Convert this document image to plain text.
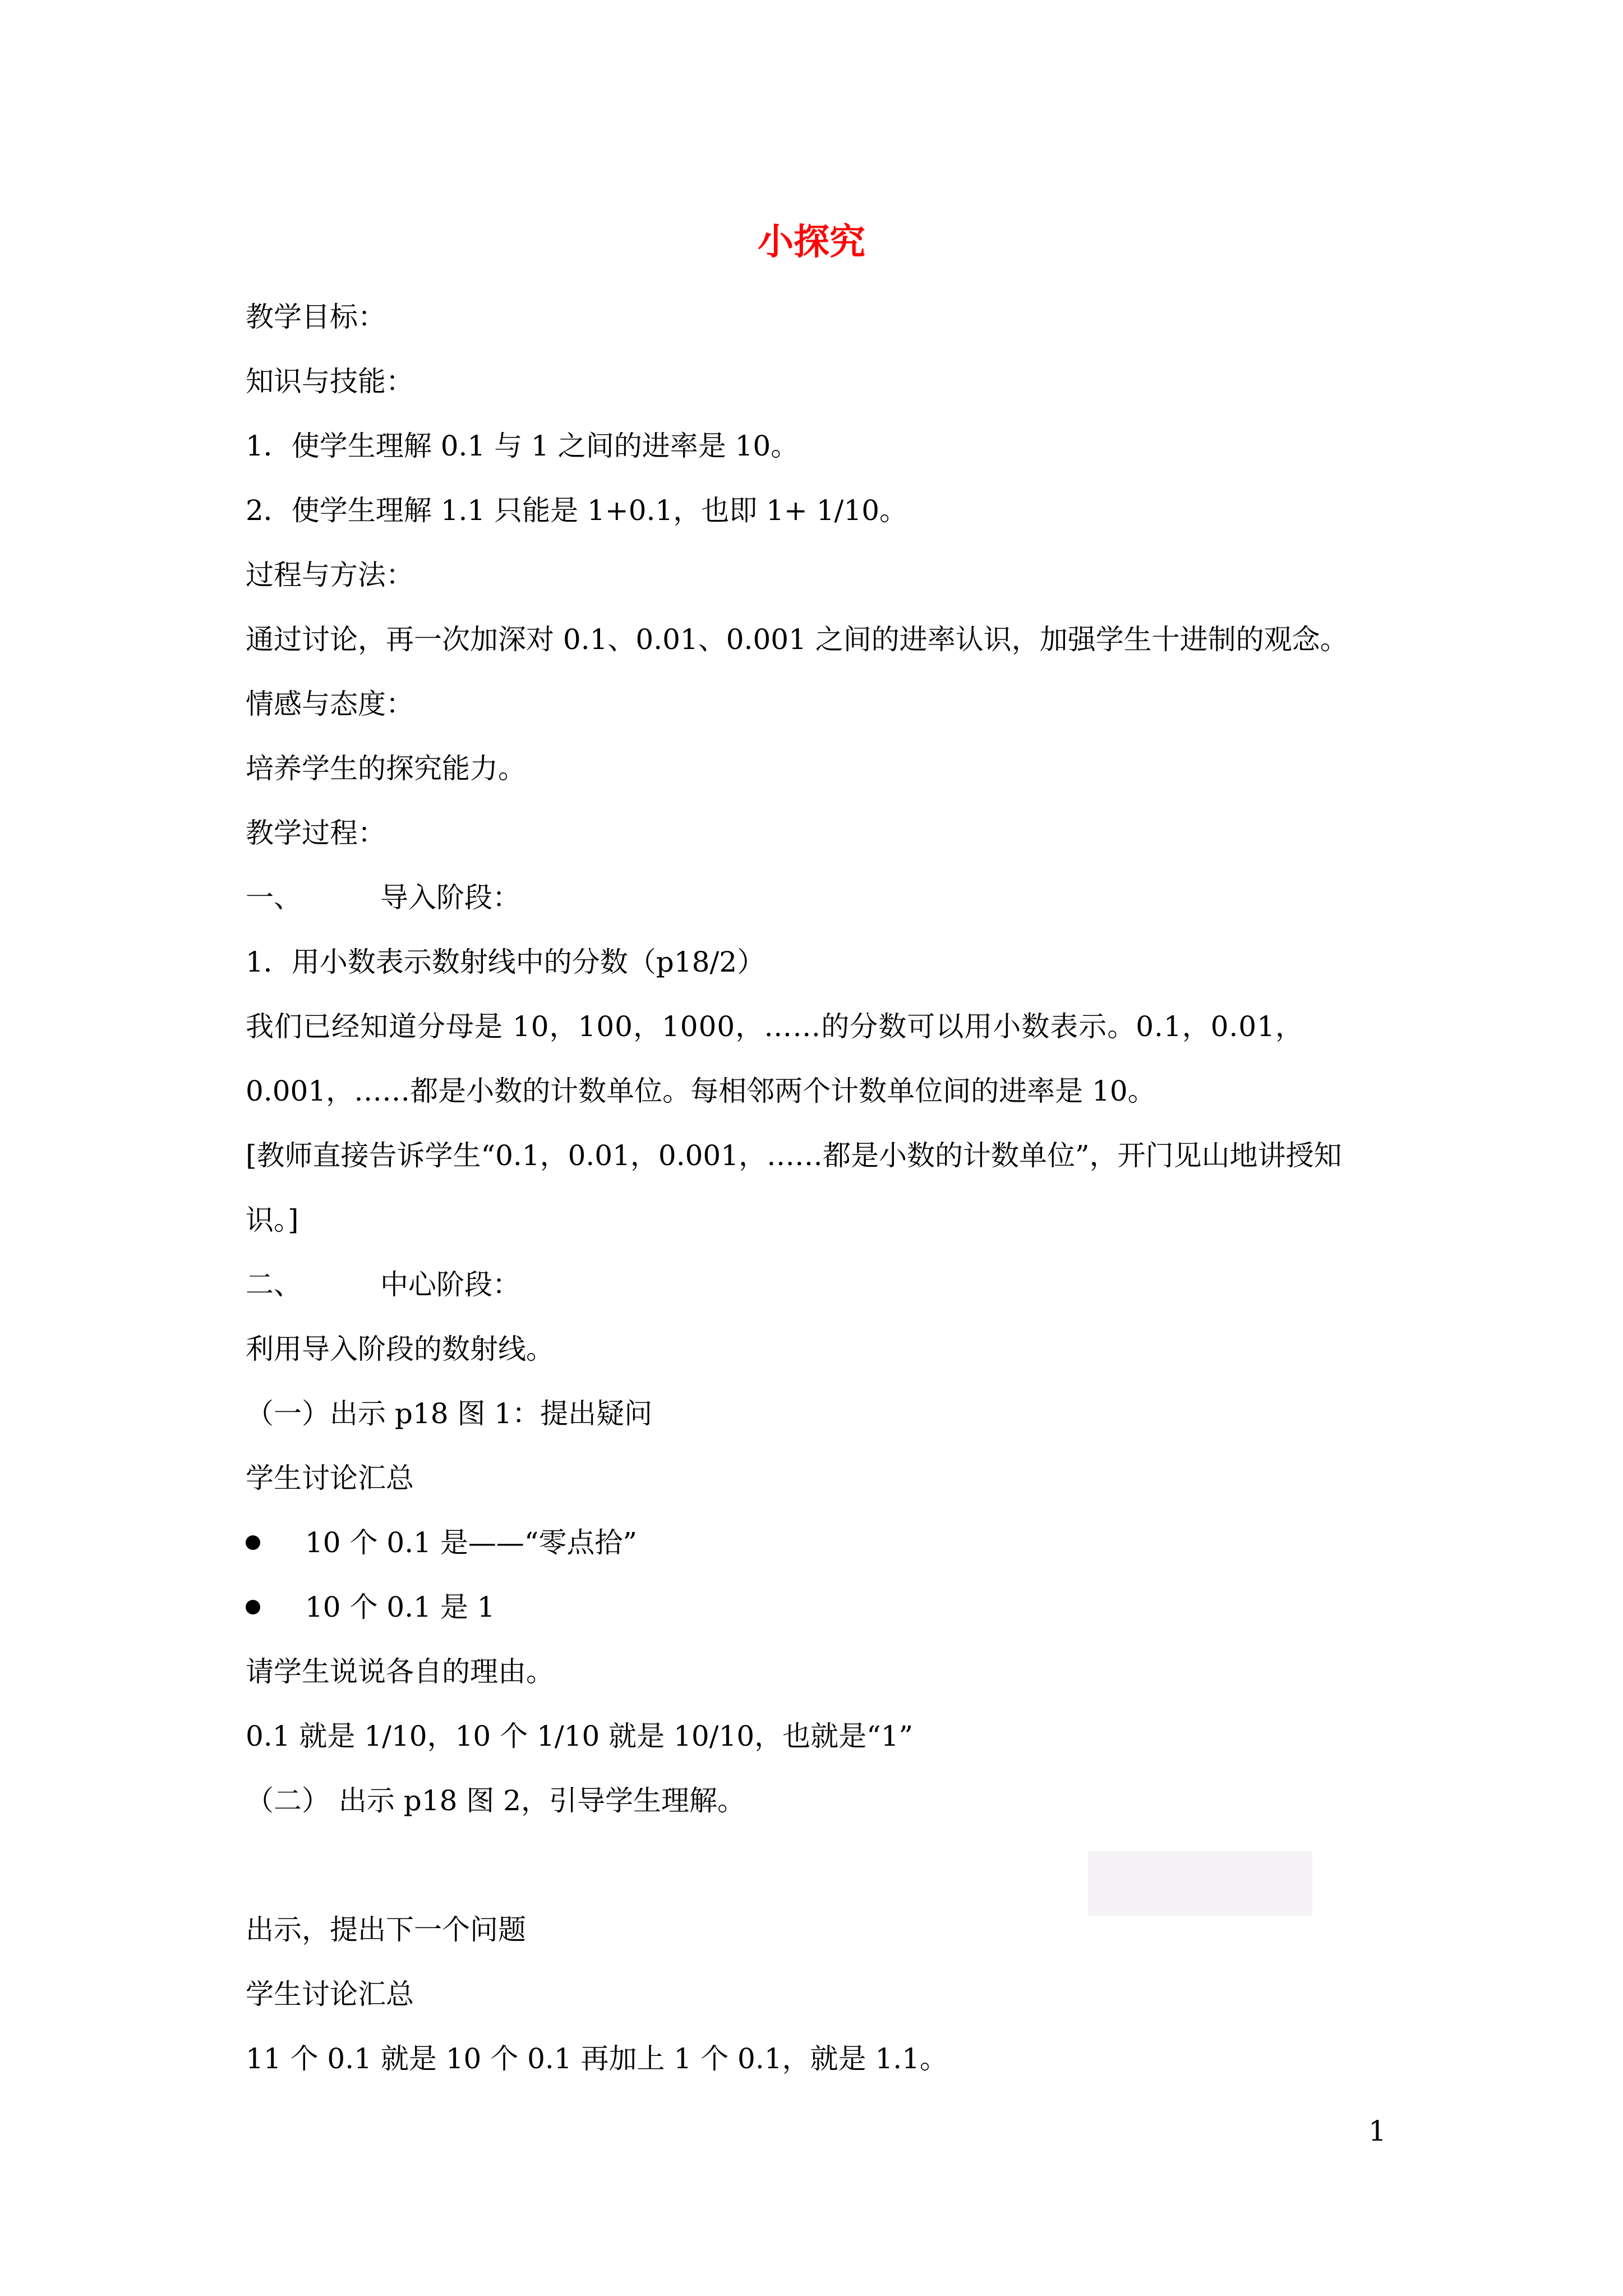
小探究
教学目标：
知识与技能：
1．使学生理解 0.1 与 1 之间的进率是 10。
2．使学生理解 1.1 只能是 1+0.1，也即 1+ 1/10。
过程与方法：
通过讨论，再一次加深对 0.1、0.01、0.001 之间的进率认识，加强学生十进制的观念。
情感与态度：
培养学生的探究能力。
教学过程：
一、	导入阶段：
1．用小数表示数射线中的分数（p18/2）
我们已经知道分母是 10，100，1000，……的分数可以用小数表示。0.1，0.01，
0.001，……都是小数的计数单位。每相邻两个计数单位间的进率是 10。
[教师直接告诉学生“0.1，0.01，0.001，……都是小数的计数单位”，开门见山地讲授知
识。]
二、	中心阶段：
利用导入阶段的数射线。
（一）出示 p18 图 1：提出疑问
学生讨论汇总
10 个 0.1 是——“零点拾”
10 个 0.1 是 1
请学生说说各自的理由。
0.1 就是 1/10，10 个 1/10 就是 10/10，也就是“1”
（二） 出示 p18 图 2，引导学生理解。
出示，提出下一个问题
学生讨论汇总
11 个 0.1 就是 10 个 0.1 再加上 1 个 0.1，就是 1.1。
1
